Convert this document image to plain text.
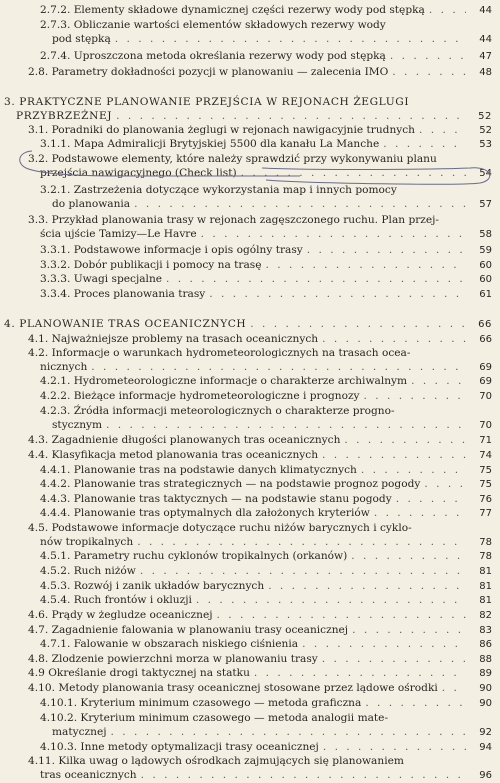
2.7.2. Elementy składowe dynamicznej części rezerwy wody pod stępką . . .	44
2.7.3. Obliczanie wartości elementów składowych rezerwy wody
pod stępką . . .	44
2.7.4. Uproszczona metoda określania rezerwy wody pod stępką . . .	47
2.8. Parametry dokładności pozycji w planowaniu — zalecenia IMO . . .	48
3. PRAKTYCZNE PLANOWANIE PRZEJŚCIA W REJONACH ŻEGLUGI
PRZYBRZEŻNEJ . . .	52
3.1. Poradniki do planowania żeglugi w rejonach nawigacyjnie trudnych . . .	52
3.1.1. Mapa Admiralicji Brytyjskiej 5500 dla kanału La Manche . . .	53
3.2. Podstawowe elementy, które należy sprawdzić przy wykonywaniu planu
przejścia nawigacyjnego (Check list) . . .	54
3.2.1. Zastrzeżenia dotyczące wykorzystania map i innych pomocy
do planowania . . .	57
3.3. Przykład planowania trasy w rejonach zagęszczonego ruchu. Plan przej-
ścia ujście Tamizy—Le Havre . . .	58
3.3.1. Podstawowe informacje i opis ogólny trasy . . .	59
3.3.2. Dobór publikacji i pomocy na trasę . . .	60
3.3.3. Uwagi specjalne . . .	60
3.3.4. Proces planowania trasy . . .	61
4. PLANOWANIE TRAS OCEANICZNYCH . . .	66
4.1. Najważniejsze problemy na trasach oceanicznych . . .	66
4.2. Informacje o warunkach hydrometeorologicznych na trasach ocea-
nicznych . . .	69
4.2.1. Hydrometeorologiczne informacje o charakterze archiwalnym . . .	69
4.2.2. Bieżące informacje hydrometeorologiczne i prognozy . . .	70
4.2.3. Źródła informacji meteorologicznych o charakterze progno-
stycznym . . .	70
4.3. Zagadnienie długości planowanych tras oceanicznych . . .	71
4.4. Klasyfikacja metod planowania tras oceanicznych . . .	74
4.4.1. Planowanie tras na podstawie danych klimatycznych . . .	75
4.4.2. Planowanie tras strategicznych — na podstawie prognoz pogody . . .	75
4.4.3. Planowanie tras taktycznych — na podstawie stanu pogody . . .	76
4.4.4. Planowanie tras optymalnych dla założonych kryteriów . . .	77
4.5. Podstawowe informacje dotyczące ruchu niżów barycznych i cyklo-
nów tropikalnych . . .	78
4.5.1. Parametry ruchu cyklonów tropikalnych (orkanów) . . .	78
4.5.2. Ruch niżów . . .	81
4.5.3. Rozwój i zanik układów barycznych . . .	81
4.5.4. Ruch frontów i okluzji . . .	81
4.6. Prądy w żegludze oceanicznej . . .	82
4.7. Zagadnienie falowania w planowaniu trasy oceanicznej . . .	83
4.7.1. Falowanie w obszarach niskiego ciśnienia . . .	86
4.8. Zlodzenie powierzchni morza w planowaniu trasy . . .	88
4.9 Określanie drogi taktycznej na statku . . .	89
4.10. Metody planowania trasy oceanicznej stosowane przez lądowe ośrodki . . .	90
4.10.1. Kryterium minimum czasowego — metoda graficzna . . .	90
4.10.2. Kryterium minimum czasowego — metoda analogii mate-
matycznej . . .	92
4.10.3. Inne metody optymalizacji trasy oceanicznej . . .	94
4.11. Kilka uwag o lądowych ośrodkach zajmujących się planowaniem
tras oceanicznych . . .	96
